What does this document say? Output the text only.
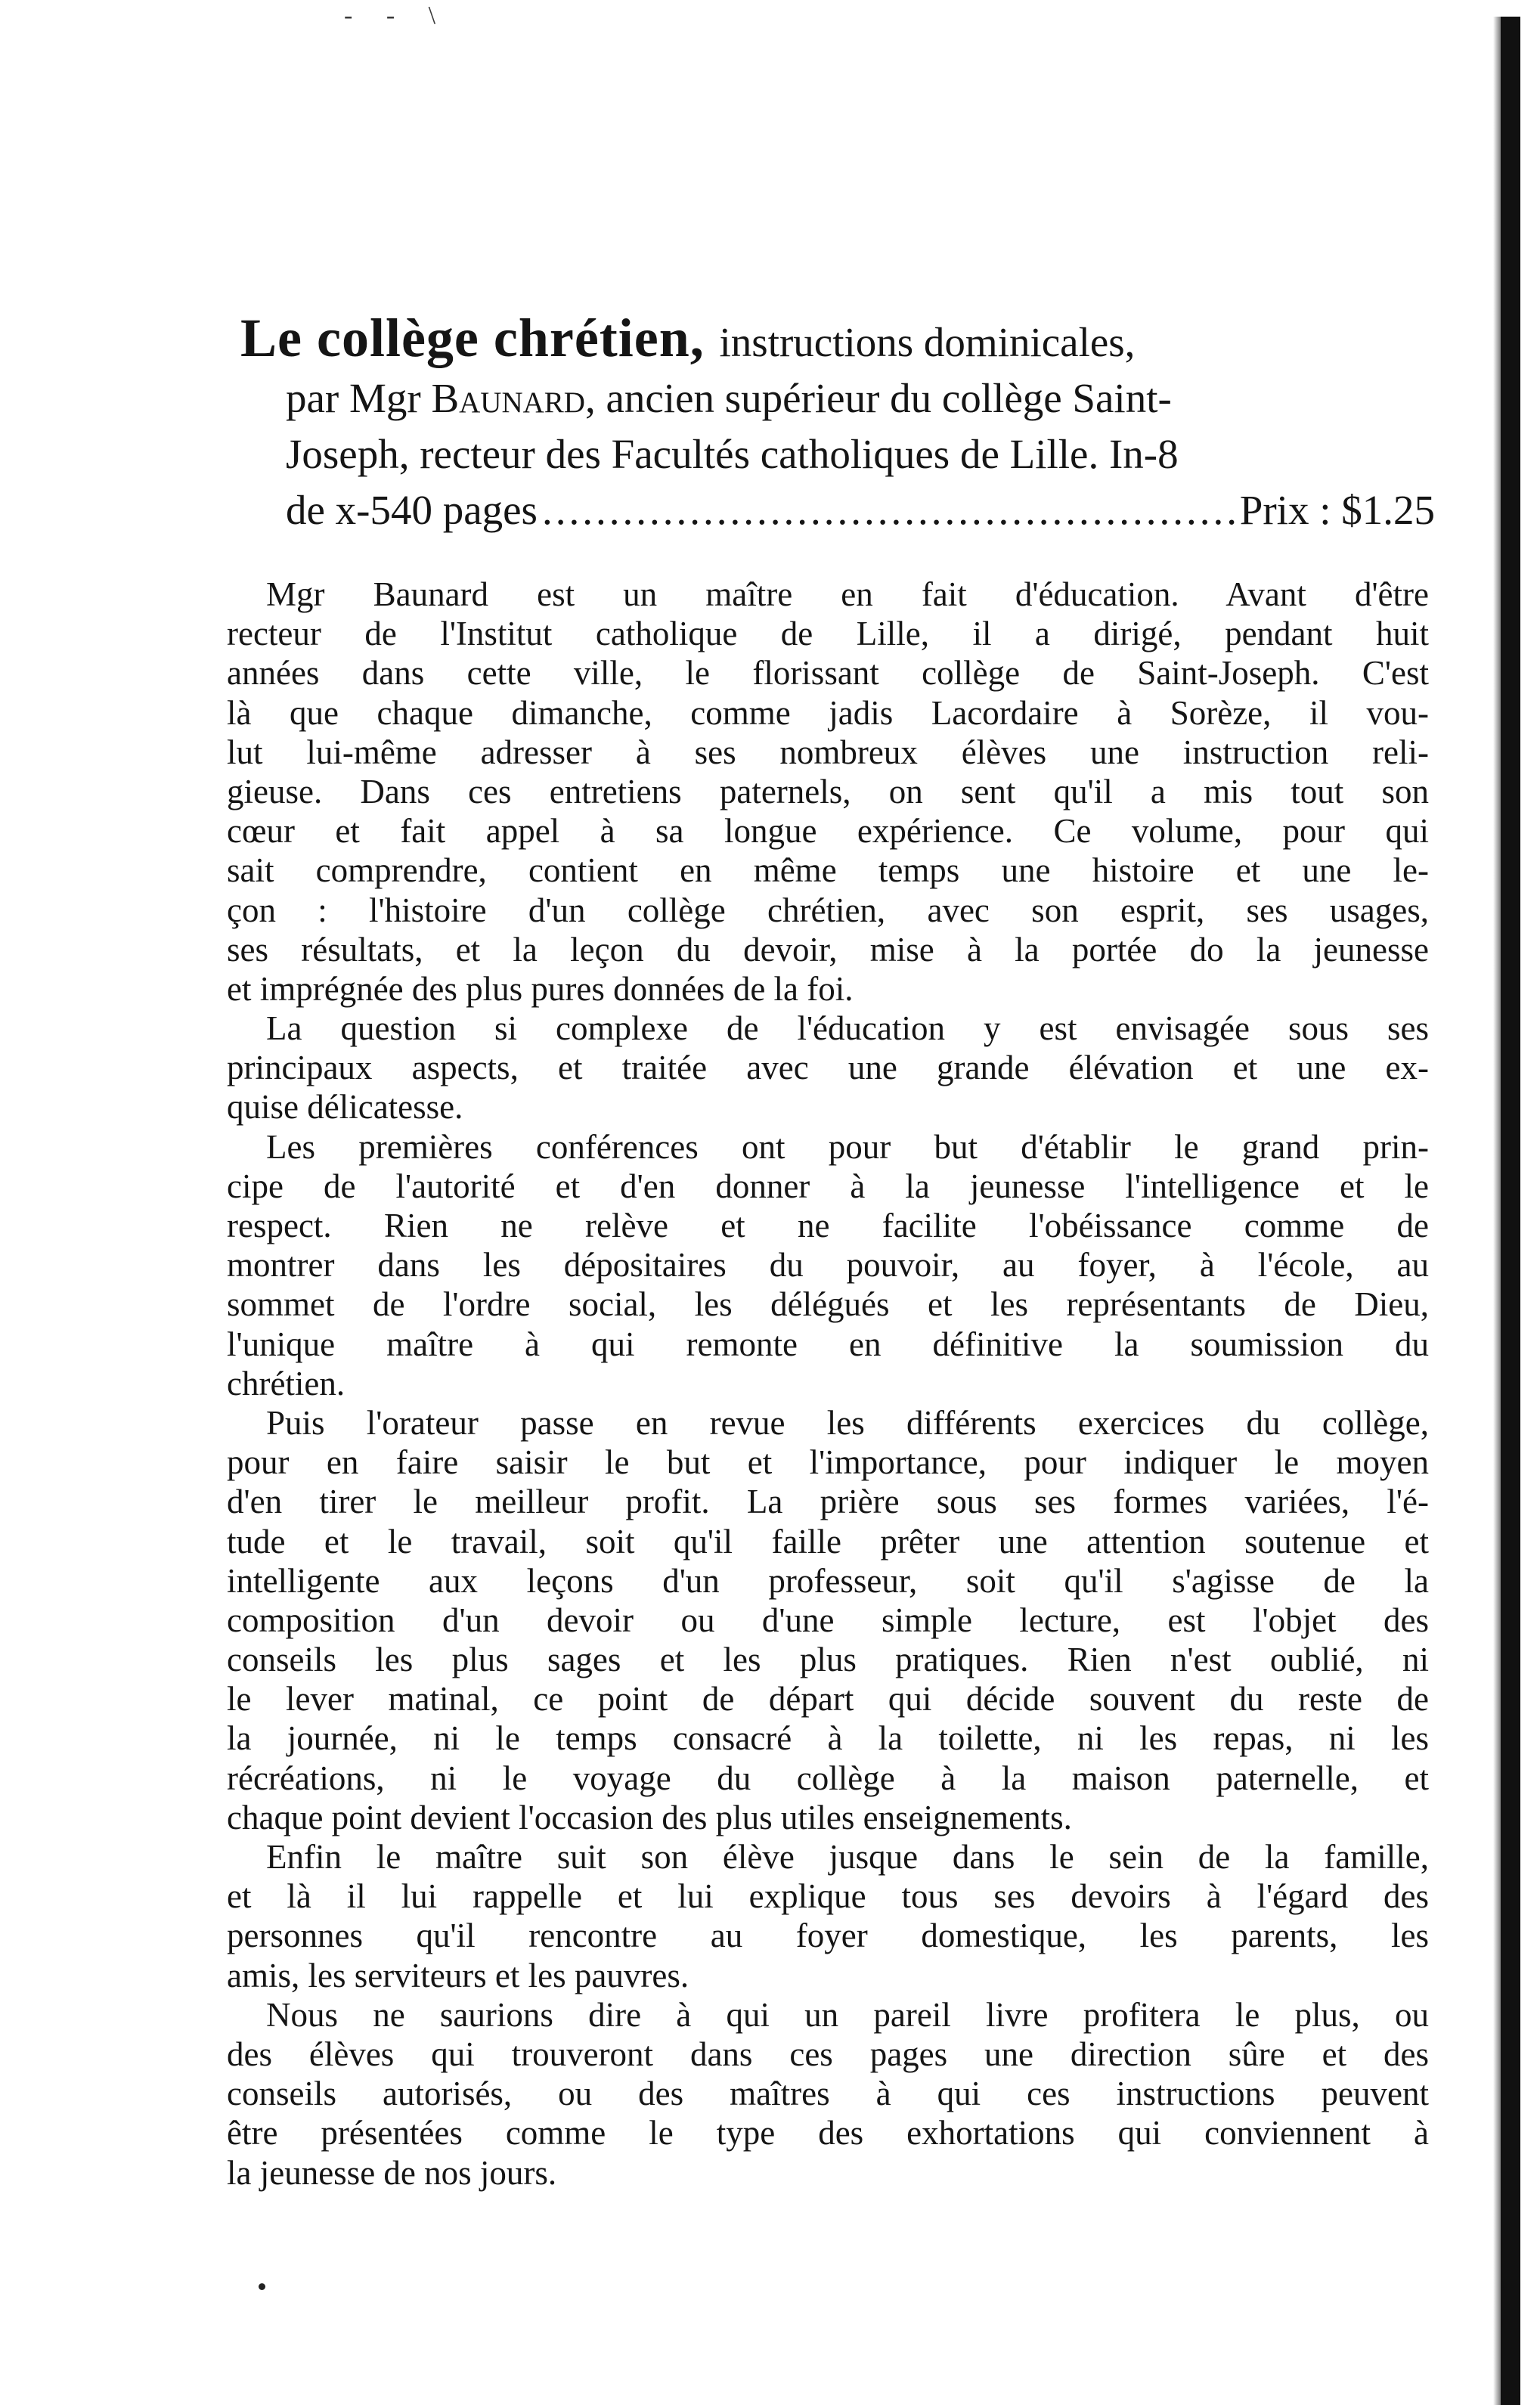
- - \
Le collège chrétien, instructions dominicales,
par Mgr Baunard, ancien supérieur du collège Saint-
Joseph, recteur des Facultés catholiques de Lille. In-8
de x-540 pages
.....	Prix : $1.25
Mgr Baunard est un maître en fait d'éducation. Avant d'être
recteur de l'Institut catholique de Lille, il a dirigé, pendant huit
années dans cette ville, le florissant collège de Saint-Joseph. C'est
là que chaque dimanche, comme jadis Lacordaire à Sorèze, il vou-
lut lui-même adresser à ses nombreux élèves une instruction reli-
gieuse. Dans ces entretiens paternels, on sent qu'il a mis tout son
cœur et fait appel à sa longue expérience. Ce volume, pour qui
sait comprendre, contient en même temps une histoire et une le-
çon : l'histoire d'un collège chrétien, avec son esprit, ses usages,
ses résultats, et la leçon du devoir, mise à la portée do la jeunesse
et imprégnée des plus pures données de la foi.
La question si complexe de l'éducation y est envisagée sous ses
principaux aspects, et traitée avec une grande élévation et une ex-
quise délicatesse.
Les premières conférences ont pour but d'établir le grand prin-
cipe de l'autorité et d'en donner à la jeunesse l'intelligence et le
respect. Rien ne relève et ne facilite l'obéissance comme de
montrer dans les dépositaires du pouvoir, au foyer, à l'école, au
sommet de l'ordre social, les délégués et les représentants de Dieu,
l'unique maître à qui remonte en définitive la soumission du
chrétien.
Puis l'orateur passe en revue les différents exercices du collège,
pour en faire saisir le but et l'importance, pour indiquer le moyen
d'en tirer le meilleur profit. La prière sous ses formes variées, l'é-
tude et le travail, soit qu'il faille prêter une attention soutenue et
intelligente aux leçons d'un professeur, soit qu'il s'agisse de la
composition d'un devoir ou d'une simple lecture, est l'objet des
conseils les plus sages et les plus pratiques. Rien n'est oublié, ni
le lever matinal, ce point de départ qui décide souvent du reste de
la journée, ni le temps consacré à la toilette, ni les repas, ni les
récréations, ni le voyage du collège à la maison paternelle, et
chaque point devient l'occasion des plus utiles enseignements.
Enfin le maître suit son élève jusque dans le sein de la famille,
et là il lui rappelle et lui explique tous ses devoirs à l'égard des
personnes qu'il rencontre au foyer domestique, les parents, les
amis, les serviteurs et les pauvres.
Nous ne saurions dire à qui un pareil livre profitera le plus, ou
des élèves qui trouveront dans ces pages une direction sûre et des
conseils autorisés, ou des maîtres à qui ces instructions peuvent
être présentées comme le type des exhortations qui conviennent à
la jeunesse de nos jours.
